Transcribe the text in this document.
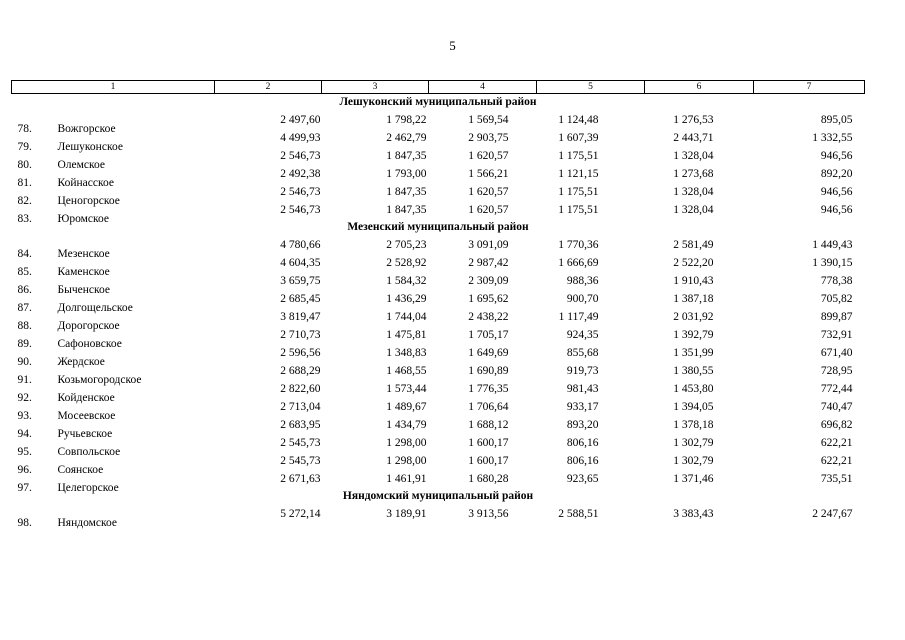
5
1	2	3	4	5	6	7
Лешуконский муниципальный район						

78. Вожгорское	2 497,60	1 798,22	1 569,54	1 124,48	1 276,53	895,05

79. Лешуконское	4 499,93	2 462,79	2 903,75	1 607,39	2 443,71	1 332,55

80. Олемское	2 546,73	1 847,35	1 620,57	1 175,51	1 328,04	946,56

81. Койнасское	2 492,38	1 793,00	1 566,21	1 121,15	1 273,68	892,20

82. Ценогорское	2 546,73	1 847,35	1 620,57	1 175,51	1 328,04	946,56

83. Юромское	2 546,73	1 847,35	1 620,57	1 175,51	1 328,04	946,56
Мезенский муниципальный район						

84. Мезенское	4 780,66	2 705,23	3 091,09	1 770,36	2 581,49	1 449,43

85. Каменское	4 604,35	2 528,92	2 987,42	1 666,69	2 522,20	1 390,15

86. Быченское	3 659,75	1 584,32	2 309,09	988,36	1 910,43	778,38

87. Долгощельское	2 685,45	1 436,29	1 695,62	900,70	1 387,18	705,82

88. Дорогорское	3 819,47	1 744,04	2 438,22	1 117,49	2 031,92	899,87

89. Сафоновское	2 710,73	1 475,81	1 705,17	924,35	1 392,79	732,91

90. Жердское	2 596,56	1 348,83	1 649,69	855,68	1 351,99	671,40

91. Козьмогородское	2 688,29	1 468,55	1 690,89	919,73	1 380,55	728,95

92. Койденское	2 822,60	1 573,44	1 776,35	981,43	1 453,80	772,44

93. Мосеевское	2 713,04	1 489,67	1 706,64	933,17	1 394,05	740,47

94. Ручьевское	2 683,95	1 434,79	1 688,12	893,20	1 378,18	696,82

95. Совпольское	2 545,73	1 298,00	1 600,17	806,16	1 302,79	622,21

96. Соянское	2 545,73	1 298,00	1 600,17	806,16	1 302,79	622,21

97. Целегорское	2 671,63	1 461,91	1 680,28	923,65	1 371,46	735,51
Няндомский муниципальный район						

98. Няндомское	5 272,14	3 189,91	3 913,56	2 588,51	3 383,43	2 247,67
